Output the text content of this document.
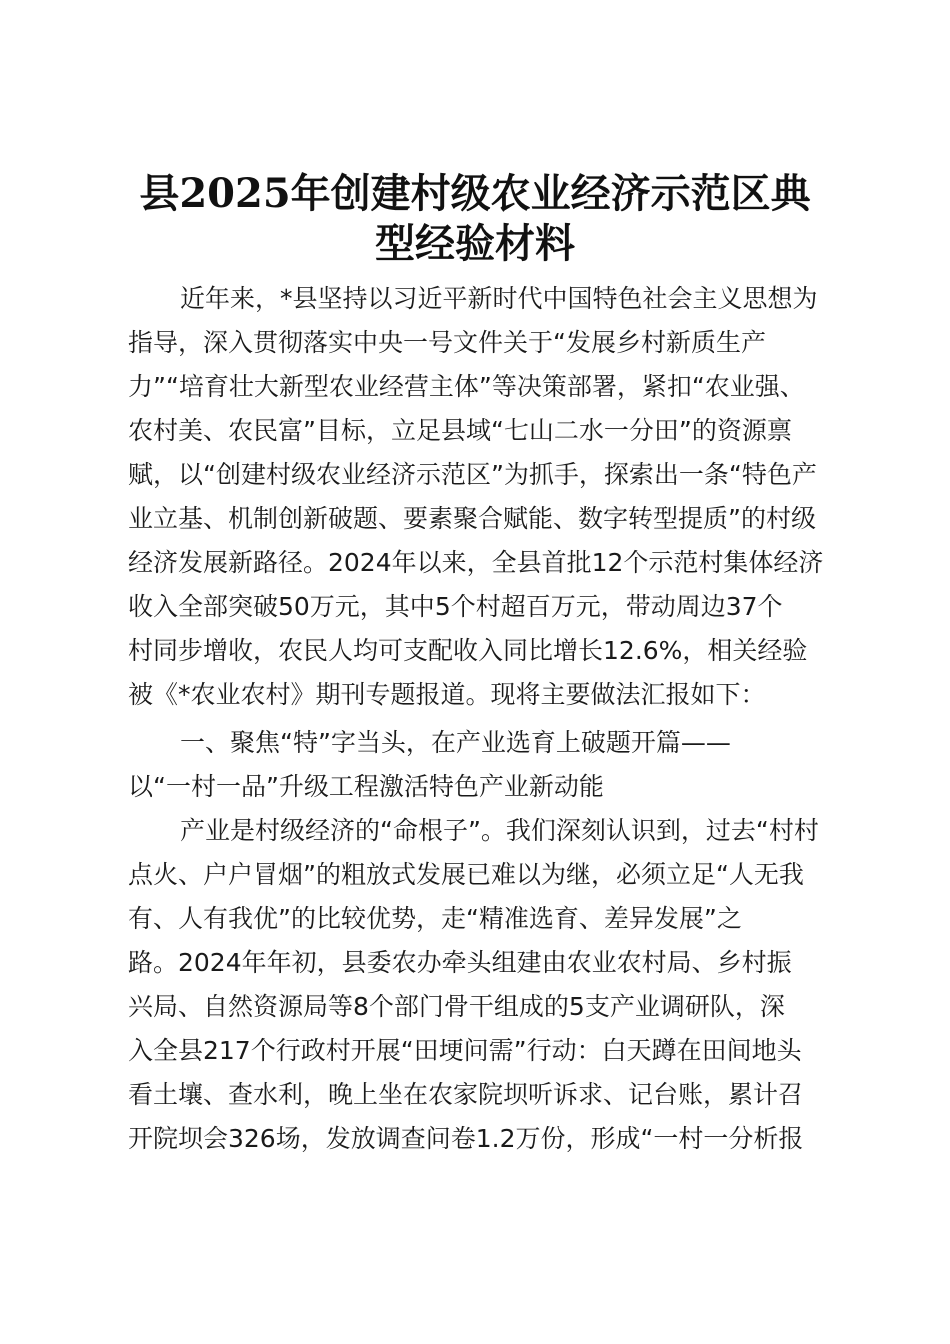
县2025年创建村级农业经济示范区典
型经验材料
近年来，*县坚持以习近平新时代中国特色社会主义思想为
指导，深入贯彻落实中央一号文件关于“发展乡村新质生产
力”“培育壮大新型农业经营主体”等决策部署，紧扣“农业强、
农村美、农民富”目标，立足县域“七山二水一分田”的资源禀
赋，以“创建村级农业经济示范区”为抓手，探索出一条“特色产
业立基、机制创新破题、要素聚合赋能、数字转型提质”的村级
经济发展新路径。2024年以来，全县首批12个示范村集体经济
收入全部突破50万元，其中5个村超百万元，带动周边37个
村同步增收，农民人均可支配收入同比增长12.6%，相关经验
被《*农业农村》期刊专题报道。现将主要做法汇报如下：
一、聚焦“特”字当头，在产业选育上破题开篇——
以“一村一品”升级工程激活特色产业新动能
产业是村级经济的“命根子”。我们深刻认识到，过去“村村
点火、户户冒烟”的粗放式发展已难以为继，必须立足“人无我
有、人有我优”的比较优势，走“精准选育、差异发展”之
路。2024年年初，县委农办牵头组建由农业农村局、乡村振
兴局、自然资源局等8个部门骨干组成的5支产业调研队，深
入全县217个行政村开展“田埂问需”行动：白天蹲在田间地头
看土壤、查水利，晚上坐在农家院坝听诉求、记台账，累计召
开院坝会326场，发放调查问卷1.2万份，形成“一村一分析报
